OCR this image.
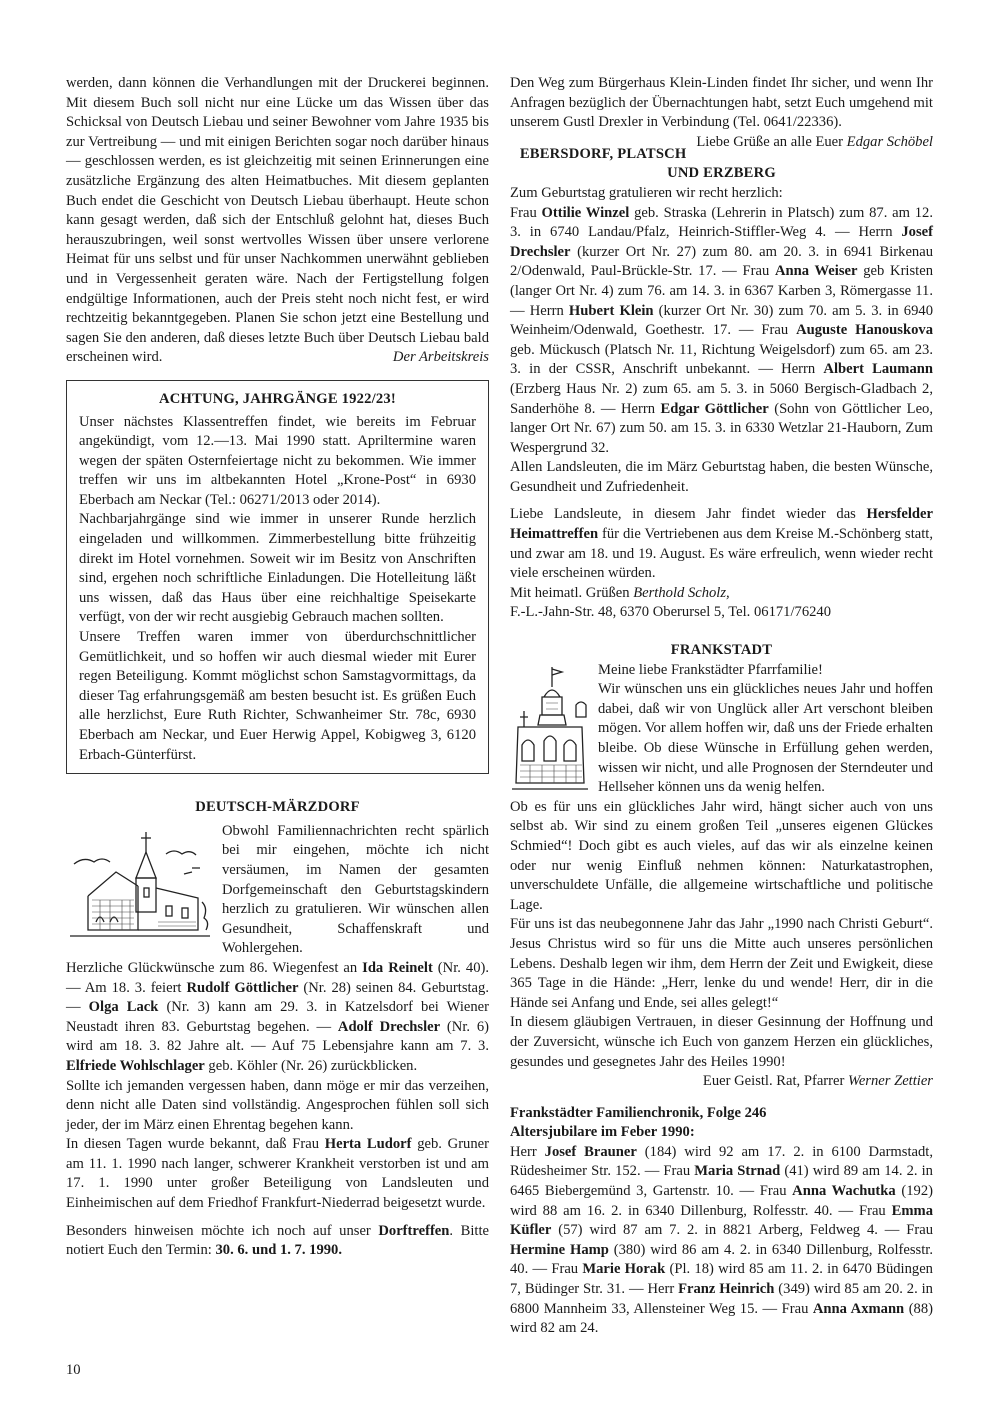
werden, dann können die Verhandlungen mit der Druckerei beginnen. Mit diesem Buch soll nicht nur eine Lücke um das Wissen über das Schicksal von Deutsch Liebau und seiner Bewohner vom Jahre 1935 bis zur Vertreibung — und mit einigen Berichten sogar noch darüber hinaus — geschlossen werden, es ist gleichzeitig mit seinen Erinnerungen eine zusätzliche Ergänzung des alten Heimatbuches. Mit diesem geplanten Buch endet die Geschicht von Deutsch Liebau überhaupt. Heute schon kann gesagt werden, daß sich der Entschluß gelohnt hat, dieses Buch herauszubringen, weil sonst wertvolles Wissen über unsere verlorene Heimat für uns selbst und für unser Nachkommen unerwähnt geblieben und in Vergessenheit geraten wäre. Nach der Fertigstellung folgen endgültige Informationen, auch der Preis steht noch nicht fest, er wird rechtzeitig bekanntgegeben. Planen Sie schon jetzt eine Bestellung und sagen Sie den anderen, daß dieses letzte Buch über Deutsch Liebau bald erscheinen wird.	Der Arbeitskreis

ACHTUNG, JAHRGÄNGE 1922/23!

Unser nächstes Klassentreffen findet, wie bereits im Februar angekündigt, vom 12.—13. Mai 1990 statt. Apriltermine waren wegen der späten Osternfeiertage nicht zu bekommen. Wie immer treffen wir uns im altbekannten Hotel „Krone-Post“ in 6930 Eberbach am Neckar (Tel.: 06271/2013 oder 2014).

Nachbarjahrgänge sind wie immer in unserer Runde herzlich eingeladen und willkommen. Zimmerbestellung bitte frühzeitig direkt im Hotel vornehmen. Soweit wir im Besitz von Anschriften sind, ergehen noch schriftliche Einladungen. Die Hotelleitung läßt uns wissen, daß das Haus über eine reichhaltige Speisekarte verfügt, von der wir recht ausgiebig Gebrauch machen sollten.

Unsere Treffen waren immer von überdurchschnittlicher Gemütlichkeit, und so hoffen wir auch diesmal wieder mit Eurer regen Beteiligung. Kommt möglichst schon Samstagvormittags, da dieser Tag erfahrungsgemäß am besten besucht ist. Es grüßen Euch alle herzlichst, Eure Ruth Richter, Schwanheimer Str. 78c, 6930 Eberbach am Neckar, und Euer Herwig Appel, Kobigweg 3, 6120 Erbach-Günterfürst.

DEUTSCH-MÄRZDORF

Obwohl Familiennachrichten recht spärlich bei mir eingehen, möchte ich nicht versäumen, im Namen der gesamten Dorfgemeinschaft den Geburtstagskindern herzlich zu gratulieren. Wir wünschen allen Gesundheit, Schaffenskraft und Wohlergehen.

Herzliche Glückwünsche zum 86. Wiegenfest an Ida Reinelt (Nr. 40). — Am 18. 3. feiert Rudolf Göttlicher (Nr. 28) seinen 84. Geburtstag. — Olga Lack (Nr. 3) kann am 29. 3. in Katzelsdorf bei Wiener Neustadt ihren 83. Geburtstag begehen. — Adolf Drechsler (Nr. 6) wird am 18. 3. 82 Jahre alt. — Auf 75 Lebensjahre kann am 7. 3. Elfriede Wohlschlager geb. Köhler (Nr. 26) zurückblicken.

Sollte ich jemanden vergessen haben, dann möge er mir das verzeihen, denn nicht alle Daten sind vollständig. Angesprochen fühlen soll sich jeder, der im März einen Ehrentag begehen kann.

In diesen Tagen wurde bekannt, daß Frau Herta Ludorf geb. Gruner am 11. 1. 1990 nach langer, schwerer Krankheit verstorben ist und am 17. 1. 1990 unter großer Beteiligung von Landsleuten und Einheimischen auf dem Friedhof Frankfurt-Niederrad beigesetzt wurde.

Besonders hinweisen möchte ich noch auf unser Dorftreffen. Bitte notiert Euch den Termin: 30. 6. und 1. 7. 1990.

Den Weg zum Bürgerhaus Klein-Linden findet Ihr sicher, und wenn Ihr Anfragen bezüglich der Übernachtungen habt, setzt Euch umgehend mit unserem Gustl Drexler in Verbindung (Tel. 0641/22336).
Liebe Grüße an alle Euer Edgar Schöbel

EBERSDORF, PLATSCH UND ERZBERG

Zum Geburtstag gratulieren wir recht herzlich:

Frau Ottilie Winzel geb. Straska (Lehrerin in Platsch) zum 87. am 12. 3. in 6740 Landau/Pfalz, Heinrich-Stiffler-Weg 4. — Herrn Josef Drechsler (kurzer Ort Nr. 27) zum 80. am 20. 3. in 6941 Birkenau 2/Odenwald, Paul-Brückle-Str. 17. — Frau Anna Weiser geb Kristen (langer Ort Nr. 4) zum 76. am 14. 3. in 6367 Karben 3, Römergasse 11. — Herrn Hubert Klein (kurzer Ort Nr. 30) zum 70. am 5. 3. in 6940 Weinheim/Odenwald, Goethestr. 17. — Frau Auguste Hanouskova geb. Mückusch (Platsch Nr. 11, Richtung Weigelsdorf) zum 65. am 23. 3. in der CSSR, Anschrift unbekannt. — Herrn Albert Laumann (Erzberg Haus Nr. 2) zum 65. am 5. 3. in 5060 Bergisch-Gladbach 2, Sanderhöhe 8. — Herrn Edgar Göttlicher (Sohn von Göttlicher Leo, langer Ort Nr. 67) zum 50. am 15. 3. in 6330 Wetzlar 21-Hauborn, Zum Wespergrund 32.

Allen Landsleuten, die im März Geburtstag haben, die besten Wünsche, Gesundheit und Zufriedenheit.

Liebe Landsleute, in diesem Jahr findet wieder das Hersfelder Heimattreffen für die Vertriebenen aus dem Kreise M.-Schönberg statt, und zwar am 18. und 19. August. Es wäre erfreulich, wenn wieder recht viele erscheinen würden.
Mit heimatl. Grüßen Berthold Scholz,
F.-L.-Jahn-Str. 48, 6370 Oberursel 5, Tel. 06171/76240

FRANKSTADT

Meine liebe Frankstädter Pfarrfamilie!

Wir wünschen uns ein glückliches neues Jahr und hoffen dabei, daß wir von Unglück aller Art verschont bleiben mögen. Vor allem hoffen wir, daß uns der Friede erhalten bleibe. Ob diese Wünsche in Erfüllung gehen werden, wissen wir nicht, und alle Prognosen der Sterndeuter und Hellseher können uns da wenig helfen.

Ob es für uns ein glückliches Jahr wird, hängt sicher auch von uns selbst ab. Wir sind zu einem großen Teil „unseres eigenen Glückes Schmied“! Doch gibt es auch vieles, auf das wir als einzelne keinen oder nur wenig Einfluß nehmen können: Naturkatastrophen, unverschuldete Unfälle, die allgemeine wirtschaftliche und politische Lage.

Für uns ist das neubegonnene Jahr das Jahr „1990 nach Christi Geburt“. Jesus Christus wird so für uns die Mitte auch unseres persönlichen Lebens. Deshalb legen wir ihm, dem Herrn der Zeit und Ewigkeit, diese 365 Tage in die Hände: „Herr, lenke du und wende! Herr, dir in die Hände sei Anfang und Ende, sei alles gelegt!“

In diesem gläubigen Vertrauen, in dieser Gesinnung der Hoffnung und der Zuversicht, wünsche ich Euch von ganzem Herzen ein glückliches, gesundes und gesegnetes Jahr des Heiles 1990!

Euer Geistl. Rat, Pfarrer Werner Zettier

Frankstädter Familienchronik, Folge 246
Altersjubilare im Feber 1990:

Herr Josef Brauner (184) wird 92 am 17. 2. in 6100 Darmstadt, Rüdesheimer Str. 152. — Frau Maria Strnad (41) wird 89 am 14. 2. in 6465 Biebergemünd 3, Gartenstr. 10. — Frau Anna Wachutka (192) wird 88 am 16. 2. in 6340 Dillenburg, Rolfesstr. 40. — Frau Emma Küfler (57) wird 87 am 7. 2. in 8821 Arberg, Feldweg 4. — Frau Hermine Hamp (380) wird 86 am 4. 2. in 6340 Dillenburg, Rolfesstr. 40. — Frau Marie Horak (Pl. 18) wird 85 am 11. 2. in 6470 Büdingen 7, Büdinger Str. 31. — Herr Franz Heinrich (349) wird 85 am 20. 2. in 6800 Mannheim 33, Allensteiner Weg 15. — Frau Anna Axmann (88) wird 82 am 24.

10
